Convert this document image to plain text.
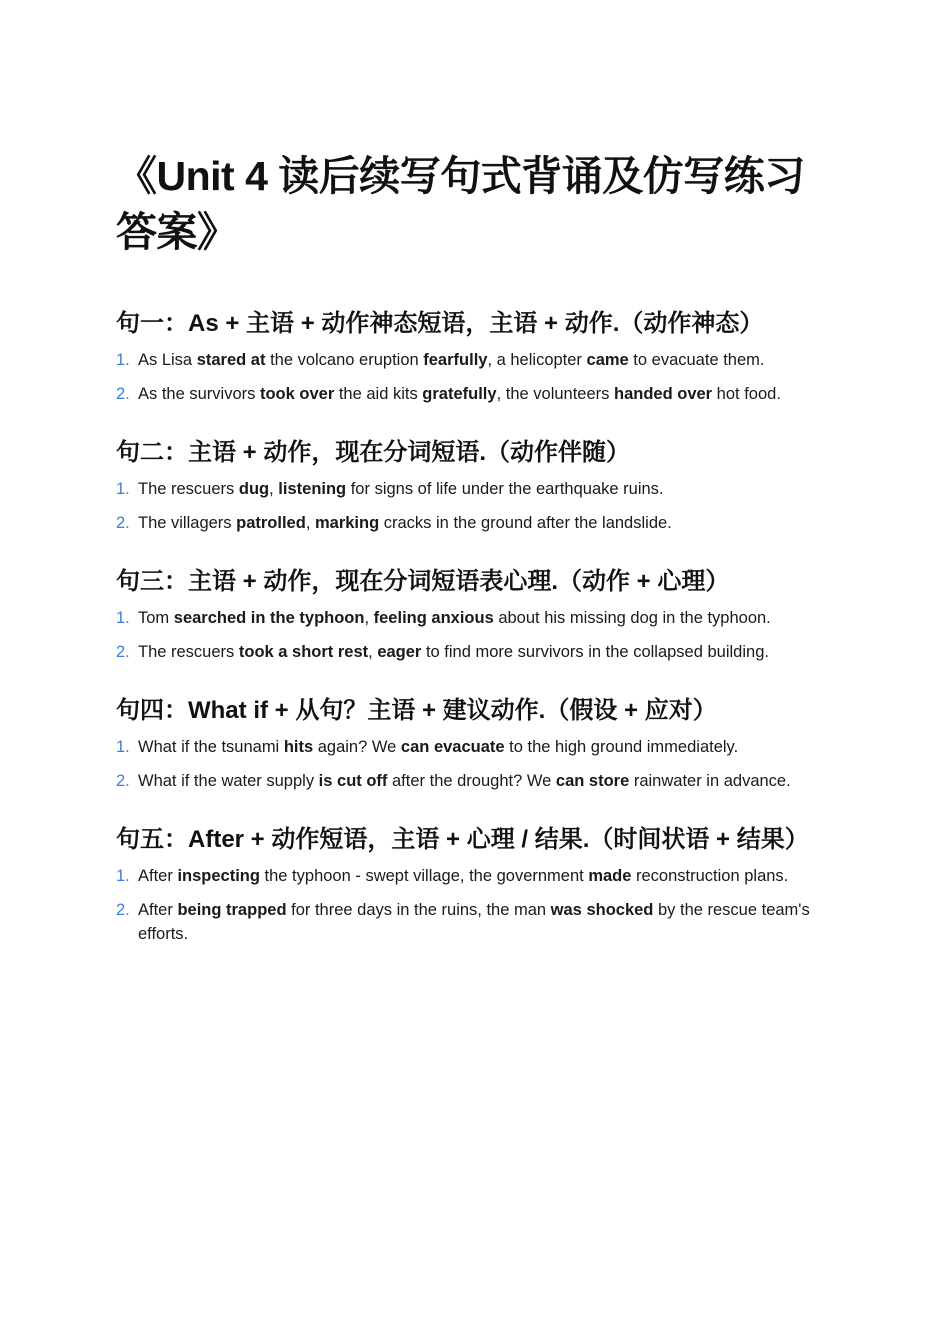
《Unit 4 读后续写句式背诵及仿写练习
答案》
句一：As + 主语 + 动作神态短语，主语 + 动作.（动作神态）
1. As Lisa stared at the volcano eruption fearfully, a helicopter came to evacuate them.
2. As the survivors took over the aid kits gratefully, the volunteers handed over hot food.
句二：主语 + 动作，现在分词短语.（动作伴随）
1. The rescuers dug, listening for signs of life under the earthquake ruins.
2. The villagers patrolled, marking cracks in the ground after the landslide.
句三：主语 + 动作，现在分词短语表心理.（动作 + 心理）
1. Tom searched in the typhoon, feeling anxious about his missing dog in the typhoon.
2. The rescuers took a short rest, eager to find more survivors in the collapsed building.
句四：What if + 从句？主语 + 建议动作.（假设 + 应对）
1. What if the tsunami hits again? We can evacuate to the high ground immediately.
2. What if the water supply is cut off after the drought? We can store rainwater in advance.
句五：After + 动作短语，主语 + 心理 / 结果.（时间状语 + 结果）
1. After inspecting the typhoon - swept village, the government made reconstruction plans.
2. After being trapped for three days in the ruins, the man was shocked by the rescue team's efforts.
